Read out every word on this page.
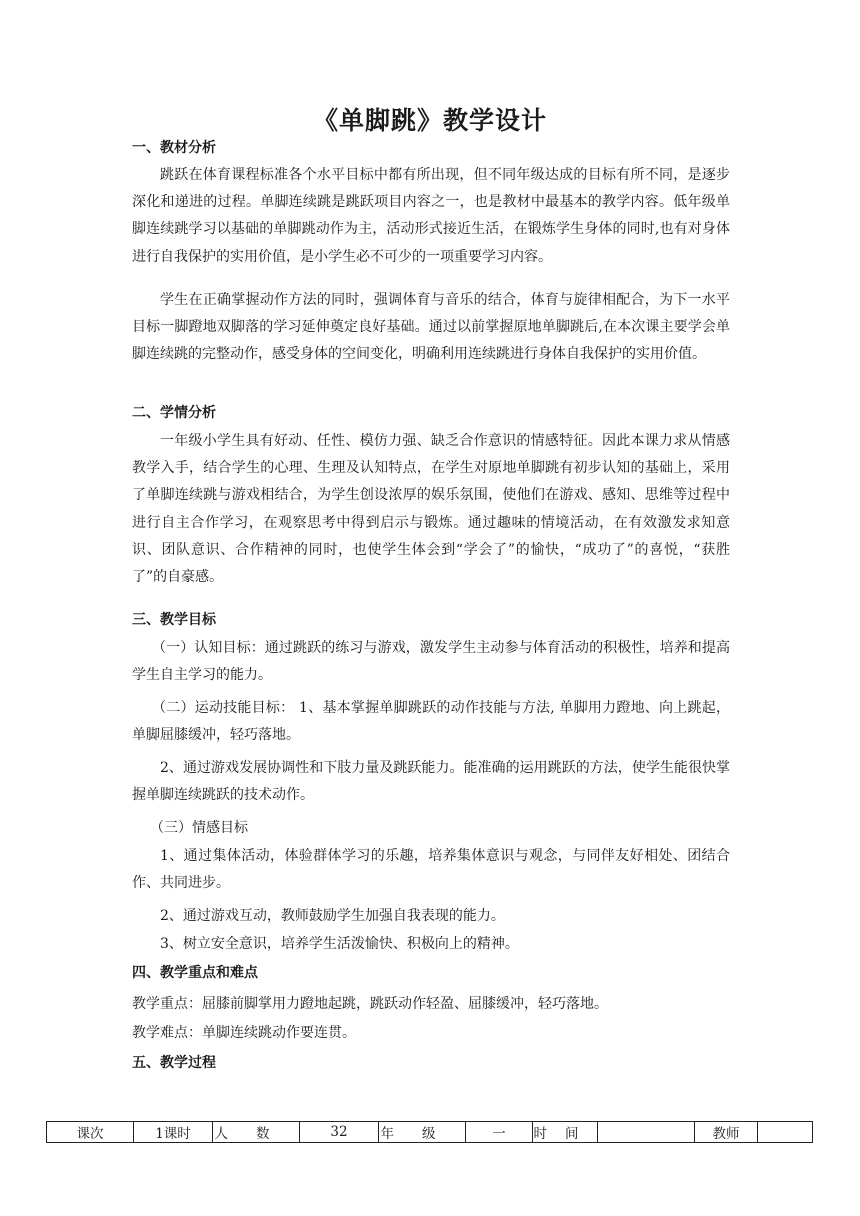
《单脚跳》教学设计
一、教材分析

跳跃在体育课程标准各个水平目标中都有所出现，但不同年级达成的目标有所不同，是逐步深化和递进的过程。单脚连续跳是跳跃项目内容之一，也是教材中最基本的教学内容。低年级单脚连续跳学习以基础的单脚跳动作为主，活动形式接近生活，在锻炼学生身体的同时,也有对身体进行自我保护的实用价值，是小学生必不可少的一项重要学习内容。

学生在正确掌握动作方法的同时，强调体育与音乐的结合，体育与旋律相配合，为下一水平目标一脚蹬地双脚落的学习延伸奠定良好基础。通过以前掌握原地单脚跳后,在本次课主要学会单脚连续跳的完整动作，感受身体的空间变化，明确利用连续跳进行身体自我保护的实用价值。

二、学情分析

一年级小学生具有好动、任性、模仿力强、缺乏合作意识的情感特征。因此本课力求从情感教学入手，结合学生的心理、生理及认知特点，在学生对原地单脚跳有初步认知的基础上，采用了单脚连续跳与游戏相结合，为学生创设浓厚的娱乐氛围，使他们在游戏、感知、思维等过程中进行自主合作学习，在观察思考中得到启示与锻炼。通过趣味的情境活动，在有效激发求知意识、团队意识、合作精神的同时，也使学生体会到“学会了”的愉快，“成功了”的喜悦，“获胜了”的自豪感。

三、教学目标

（一）认知目标：通过跳跃的练习与游戏，激发学生主动参与体育活动的积极性，培养和提高学生自主学习的能力。

（二）运动技能目标： 1、基本掌握单脚跳跃的动作技能与方法, 单脚用力蹬地、向上跳起，单脚屈膝缓冲，轻巧落地。

2、通过游戏发展协调性和下肢力量及跳跃能力。能准确的运用跳跃的方法，使学生能很快掌握单脚连续跳跃的技术动作。

（三）情感目标

1、通过集体活动，体验群体学习的乐趣，培养集体意识与观念，与同伴友好相处、团结合作、共同进步。

2、通过游戏互动，教师鼓励学生加强自我表现的能力。
3、树立安全意识，培养学生活泼愉快、积极向上的精神。
四、教学重点和难点
教学重点：屈膝前脚掌用力蹬地起跳，跳跃动作轻盈、屈膝缓冲，轻巧落地。
教学难点：单脚连续跳动作要连贯。
五、教学过程
课次	1课时	人数	32	年级	一	时间		教师	
